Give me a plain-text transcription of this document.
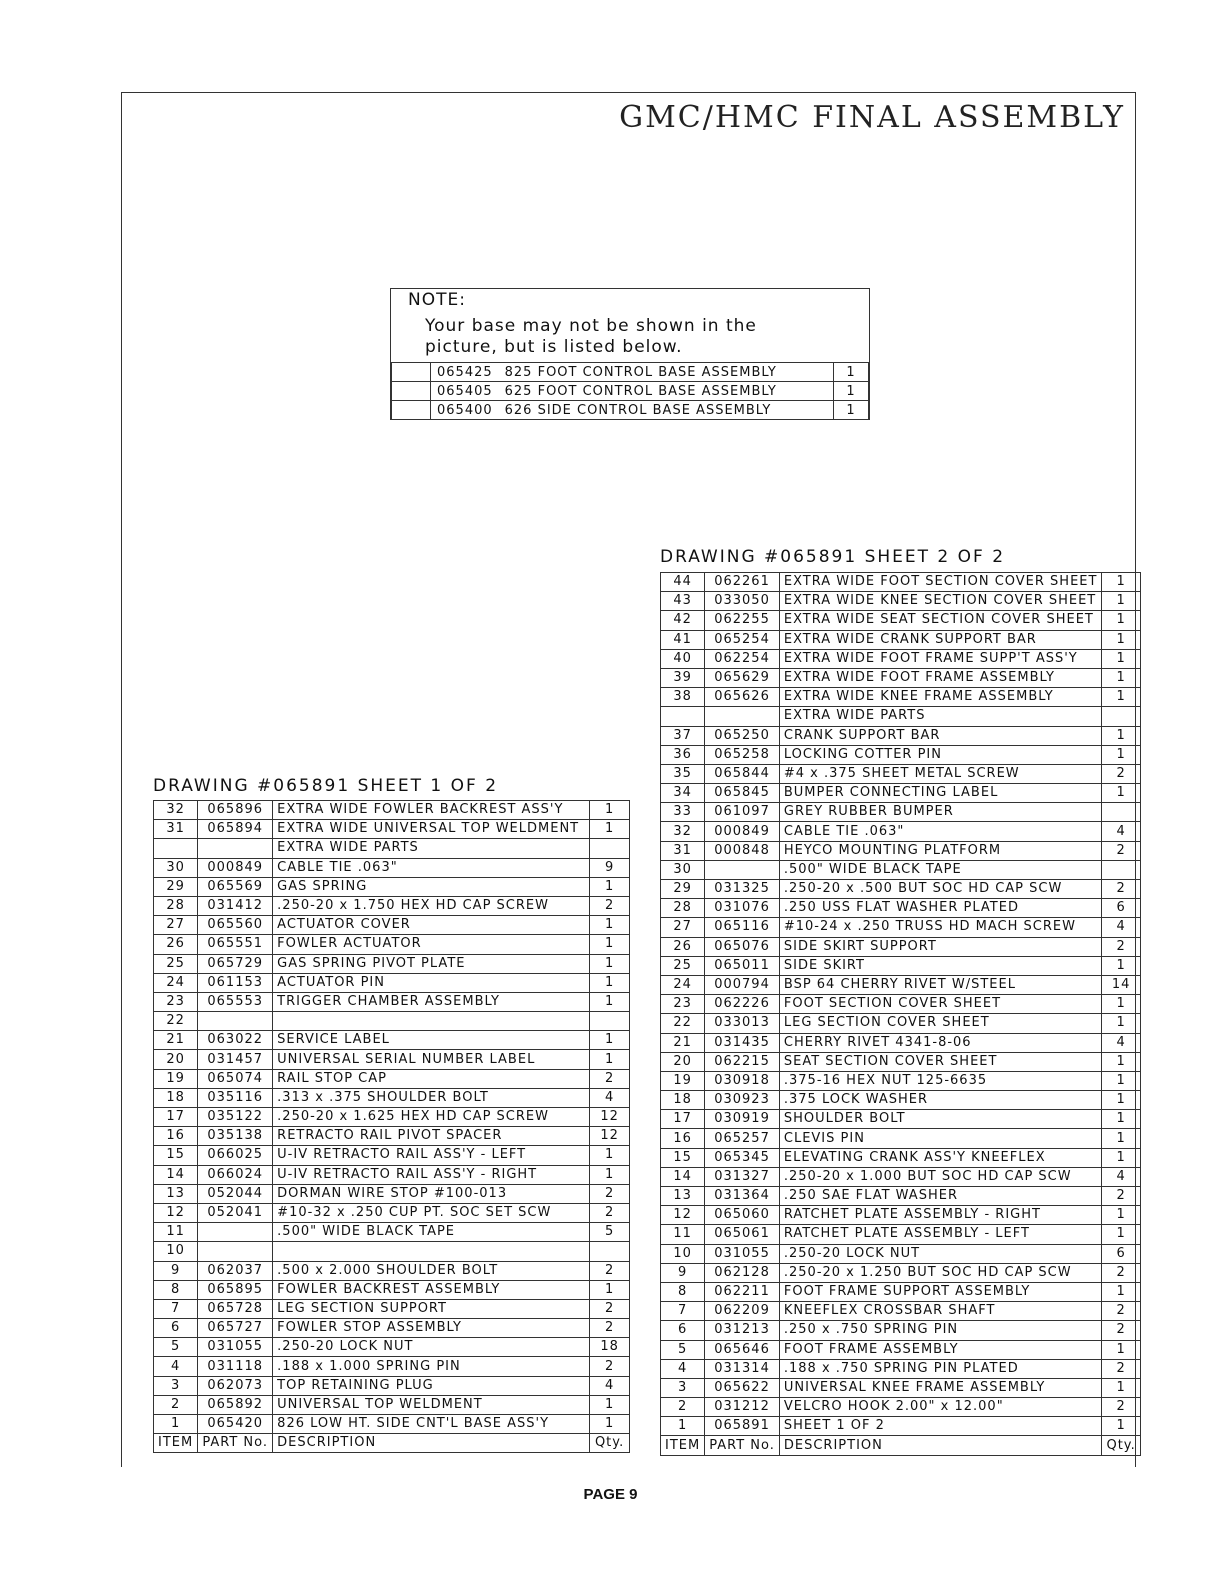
GMC/HMC FINAL ASSEMBLY
NOTE:
Your base may not be shown in the picture, but is listed below.
	065425 825 FOOT CONTROL BASE ASSEMBLY	1
	065405 625 FOOT CONTROL BASE ASSEMBLY	1
	065400 626 SIDE CONTROL BASE ASSEMBLY	1
DRAWING #065891 SHEET 1 OF 2
32	065896	EXTRA WIDE FOWLER BACKREST ASS'Y	1
31	065894	EXTRA WIDE UNIVERSAL TOP WELDMENT	1
		EXTRA WIDE PARTS	
30	000849	CABLE TIE .063"	9
29	065569	GAS SPRING	1
28	031412	.250-20 x 1.750 HEX HD CAP SCREW	2
27	065560	ACTUATOR COVER	1
26	065551	FOWLER ACTUATOR	1
25	065729	GAS SPRING PIVOT PLATE	1
24	061153	ACTUATOR PIN	1
23	065553	TRIGGER CHAMBER ASSEMBLY	1
22			
21	063022	SERVICE LABEL	1
20	031457	UNIVERSAL SERIAL NUMBER LABEL	1
19	065074	RAIL STOP CAP	2
18	035116	.313 x .375 SHOULDER BOLT	4
17	035122	.250-20 x 1.625 HEX HD CAP SCREW	12
16	035138	RETRACTO RAIL PIVOT SPACER	12
15	066025	U-IV RETRACTO RAIL ASS'Y - LEFT	1
14	066024	U-IV RETRACTO RAIL ASS'Y - RIGHT	1
13	052044	DORMAN WIRE STOP #100-013	2
12	052041	#10-32 x .250 CUP PT. SOC SET SCW	2
11		.500" WIDE BLACK TAPE	5
10			
9	062037	.500 x 2.000 SHOULDER BOLT	2
8	065895	FOWLER BACKREST ASSEMBLY	1
7	065728	LEG SECTION SUPPORT	2
6	065727	FOWLER STOP ASSEMBLY	2
5	031055	.250-20 LOCK NUT	18
4	031118	.188 x 1.000 SPRING PIN	2
3	062073	TOP RETAINING PLUG	4
2	065892	UNIVERSAL TOP WELDMENT	1
1	065420	826 LOW HT. SIDE CNT'L BASE ASS'Y	1
ITEM	PART No.	DESCRIPTION	Qty.
DRAWING #065891 SHEET 2 OF 2
44	062261	EXTRA WIDE FOOT SECTION COVER SHEET	1
43	033050	EXTRA WIDE KNEE SECTION COVER SHEET	1
42	062255	EXTRA WIDE SEAT SECTION COVER SHEET	1
41	065254	EXTRA WIDE CRANK SUPPORT BAR	1
40	062254	EXTRA WIDE FOOT FRAME SUPP'T ASS'Y	1
39	065629	EXTRA WIDE FOOT FRAME ASSEMBLY	1
38	065626	EXTRA WIDE KNEE FRAME ASSEMBLY	1
		EXTRA WIDE PARTS	
37	065250	CRANK SUPPORT BAR	1
36	065258	LOCKING COTTER PIN	1
35	065844	#4 x .375 SHEET METAL SCREW	2
34	065845	BUMPER CONNECTING LABEL	1
33	061097	GREY RUBBER BUMPER	
32	000849	CABLE TIE .063"	4
31	000848	HEYCO MOUNTING PLATFORM	2
30		.500" WIDE BLACK TAPE	
29	031325	.250-20 x .500 BUT SOC HD CAP SCW	2
28	031076	.250 USS FLAT WASHER PLATED	6
27	065116	#10-24 x .250 TRUSS HD MACH SCREW	4
26	065076	SIDE SKIRT SUPPORT	2
25	065011	SIDE SKIRT	1
24	000794	BSP 64 CHERRY RIVET W/STEEL	14
23	062226	FOOT SECTION COVER SHEET	1
22	033013	LEG SECTION COVER SHEET	1
21	031435	CHERRY RIVET 4341-8-06	4
20	062215	SEAT SECTION COVER SHEET	1
19	030918	.375-16 HEX NUT 125-6635	1
18	030923	.375 LOCK WASHER	1
17	030919	SHOULDER BOLT	1
16	065257	CLEVIS PIN	1
15	065345	ELEVATING CRANK ASS'Y KNEEFLEX	1
14	031327	.250-20 x 1.000 BUT SOC HD CAP SCW	4
13	031364	.250 SAE FLAT WASHER	2
12	065060	RATCHET PLATE ASSEMBLY - RIGHT	1
11	065061	RATCHET PLATE ASSEMBLY - LEFT	1
10	031055	.250-20 LOCK NUT	6
9	062128	.250-20 x 1.250 BUT SOC HD CAP SCW	2
8	062211	FOOT FRAME SUPPORT ASSEMBLY	1
7	062209	KNEEFLEX CROSSBAR SHAFT	2
6	031213	.250 x .750 SPRING PIN	2
5	065646	FOOT FRAME ASSEMBLY	1
4	031314	.188 x .750 SPRING PIN PLATED	2
3	065622	UNIVERSAL KNEE FRAME ASSEMBLY	1
2	031212	VELCRO HOOK 2.00" x 12.00"	2
1	065891	SHEET 1 OF 2	1
ITEM	PART No.	DESCRIPTION	Qty.
PAGE 9
